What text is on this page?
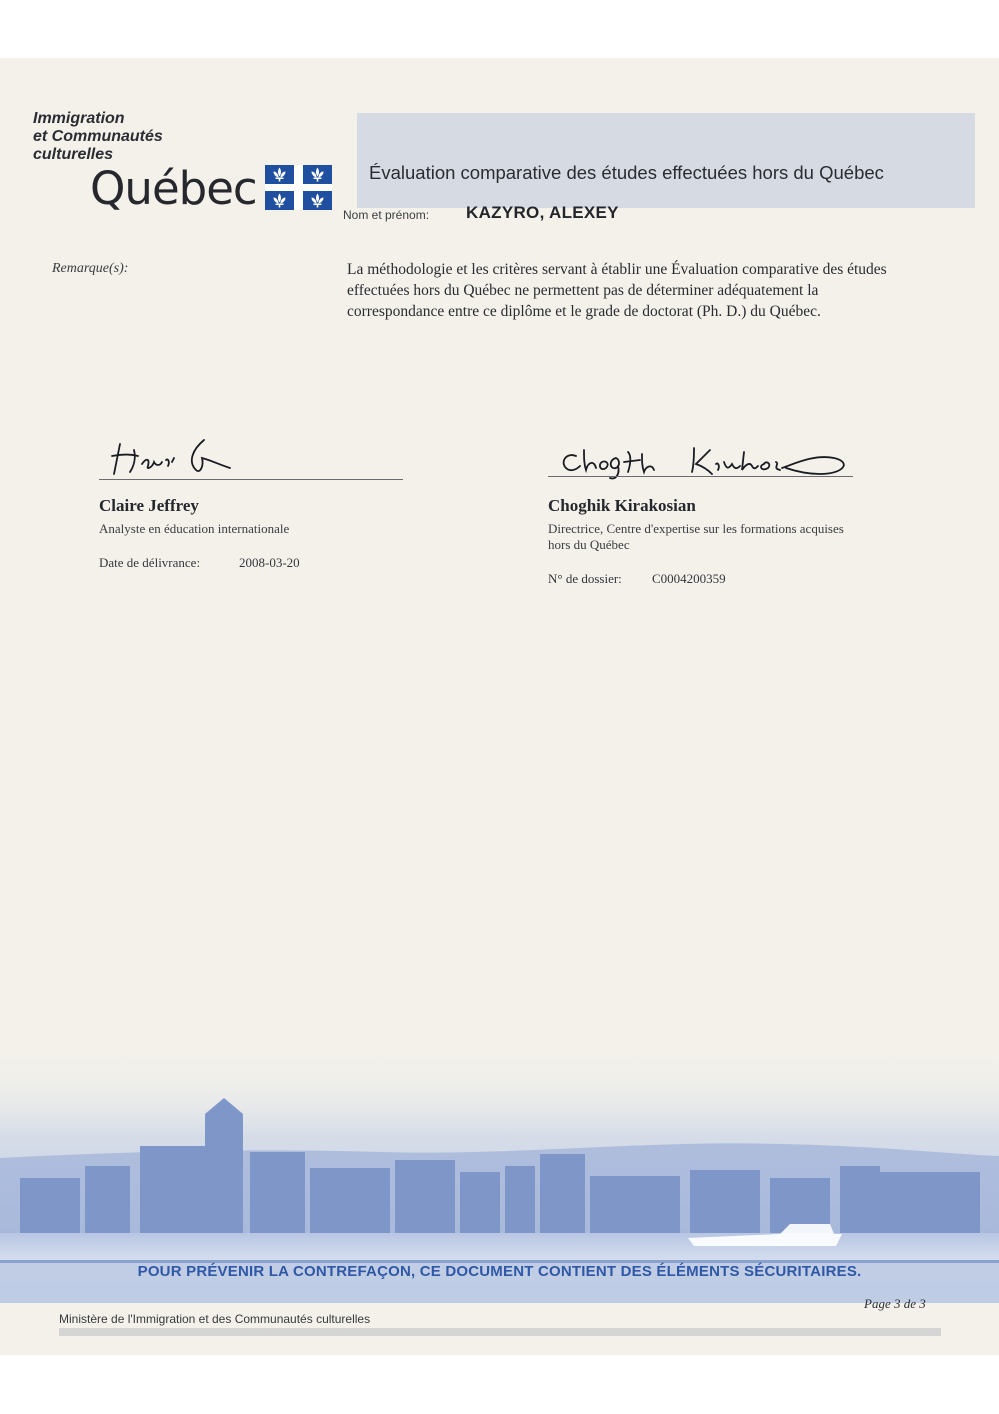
Immigration
et Communautés
culturelles
Québec	Évaluation comparative des études effectuées hors du Québec
Nom et prénom: KAZYRO, ALEXEY
Remarque(s):	La méthodologie et les critères servant à établir une Évaluation comparative des études effectuées hors du Québec ne permettent pas de déterminer adéquatement la correspondance entre ce diplôme et le grade de doctorat (Ph. D.) du Québec.
Claire Jeffrey
Analyste en éducation internationale
Date de délivrance:	2008-03-20
Choghik Kirakosian
Directrice, Centre d'expertise sur les formations acquises
hors du Québec
N° de dossier: C0004200359
POUR PRÉVENIR LA CONTREFAÇON, CE DOCUMENT CONTIENT DES ÉLÉMENTS SÉCURITAIRES.
Page 3 de 3
Ministère de l'Immigration et des Communautés culturelles
